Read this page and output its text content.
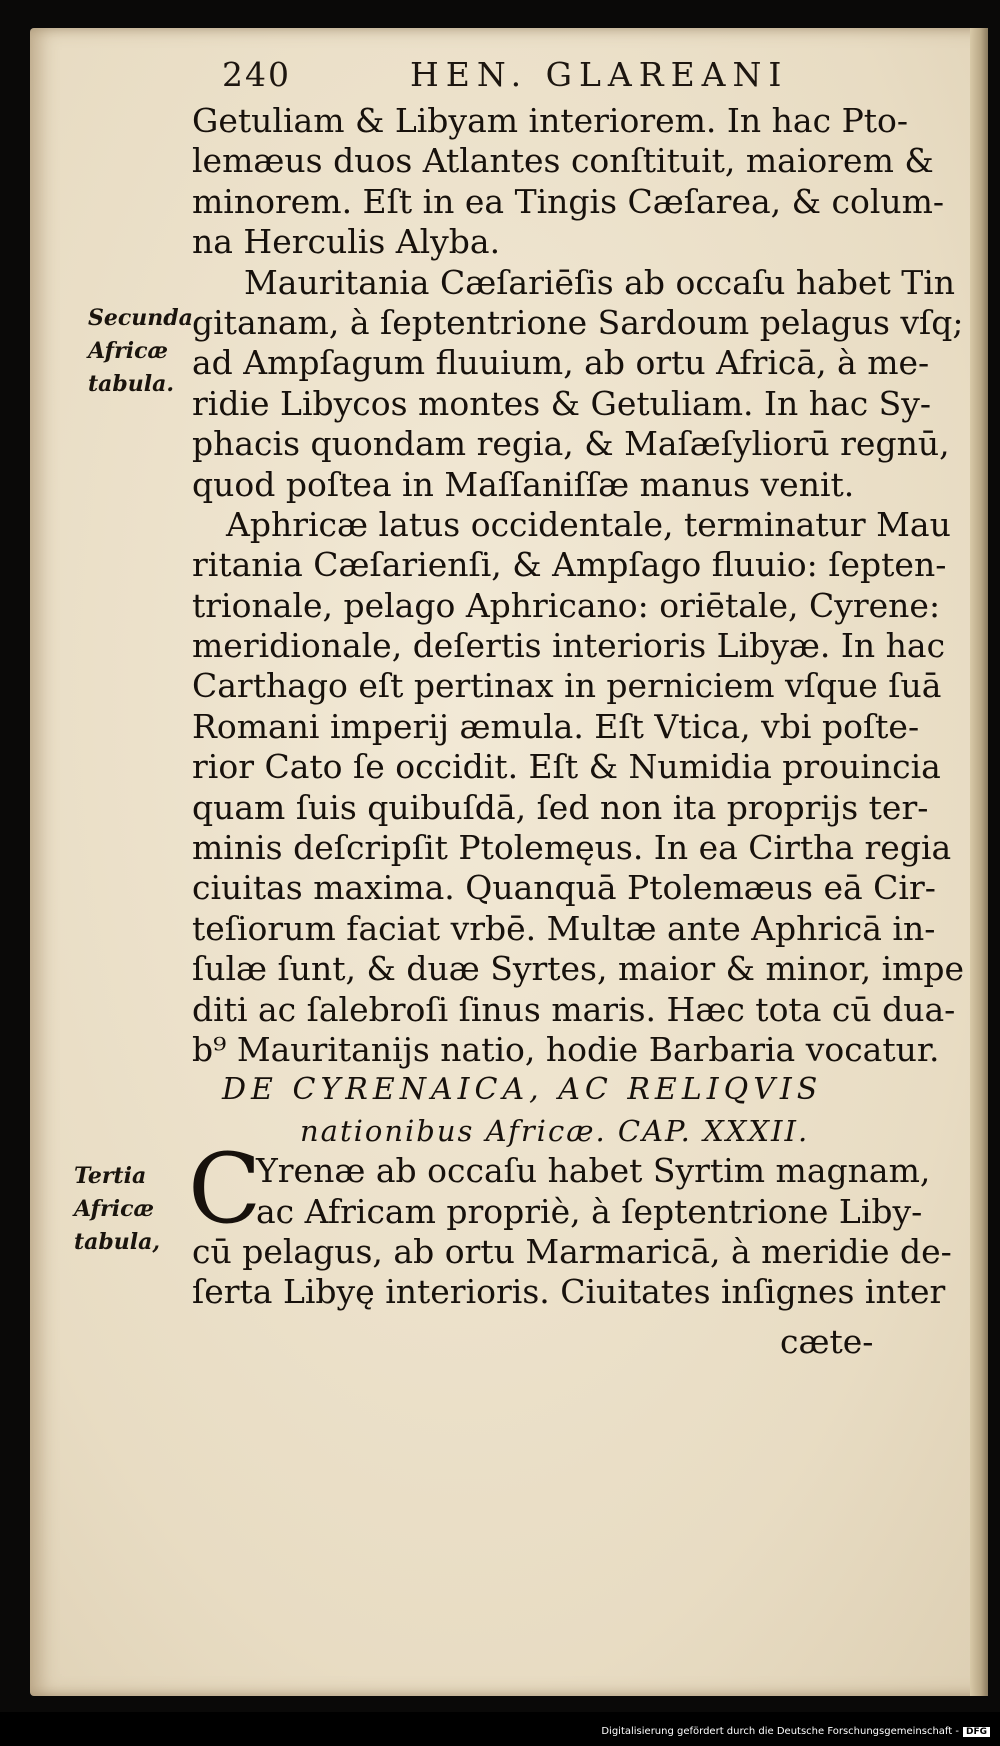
240	HEN. GLAREANI
Secunda
Africæ
tabula.
Tertia
Africæ
tabula,
Getuliam & Libyam interiorem. In hac Pto-
lemæus duos Atlantes conſtituit, maiorem &
minorem. Eſt in ea Tingis Cæſarea, & colum-
na Herculis Alyba.
Mauritania Cæſariēſis ab occaſu habet Tin
gitanam, à ſeptentrione Sardoum pelagus vſq;
ad Ampſagum fluuium, ab ortu Africā, à me-
ridie Libycos montes & Getuliam. In hac Sy-
phacis quondam regia, & Maſæſyliorū regnū,
quod poſtea in Maſſaniſſæ manus venit.
Aphricæ latus occidentale, terminatur Mau
ritania Cæſarienſi, & Ampſago fluuio: ſepten-
trionale, pelago Aphricano: oriētale, Cyrene:
meridionale, deſertis interioris Libyæ. In hac
Carthago eſt pertinax in perniciem vſque ſuā
Romani imperij æmula. Eſt Vtica, vbi poſte-
rior Cato ſe occidit. Eſt & Numidia prouincia
quam ſuis quibuſdā, ſed non ita proprijs ter-
minis deſcripſit Ptolemęus. In ea Cirtha regia
ciuitas maxima. Quanquā Ptolemæus eā Cir-
teſiorum faciat vrbē. Multæ ante Aphricā in-
ſulæ ſunt, & duæ Syrtes, maior & minor, impe
diti ac ſalebroſi ſinus maris. Hæc tota cū dua-
b⁹ Mauritanijs natio, hodie Barbaria vocatur.
DE CYRENAICA, AC RELIQVIS
nationibus Africæ. CAP. XXXII.
C
Yrenæ ab occaſu habet Syrtim magnam,
ac Africam propriè, à ſeptentrione Liby-
cū pelagus, ab ortu Marmaricā, à meridie de-
ſerta Libyę interioris. Ciuitates inſignes inter
cæte-
Digitalisierung gefördert durch die Deutsche Forschungsgemeinschaft - DFG
